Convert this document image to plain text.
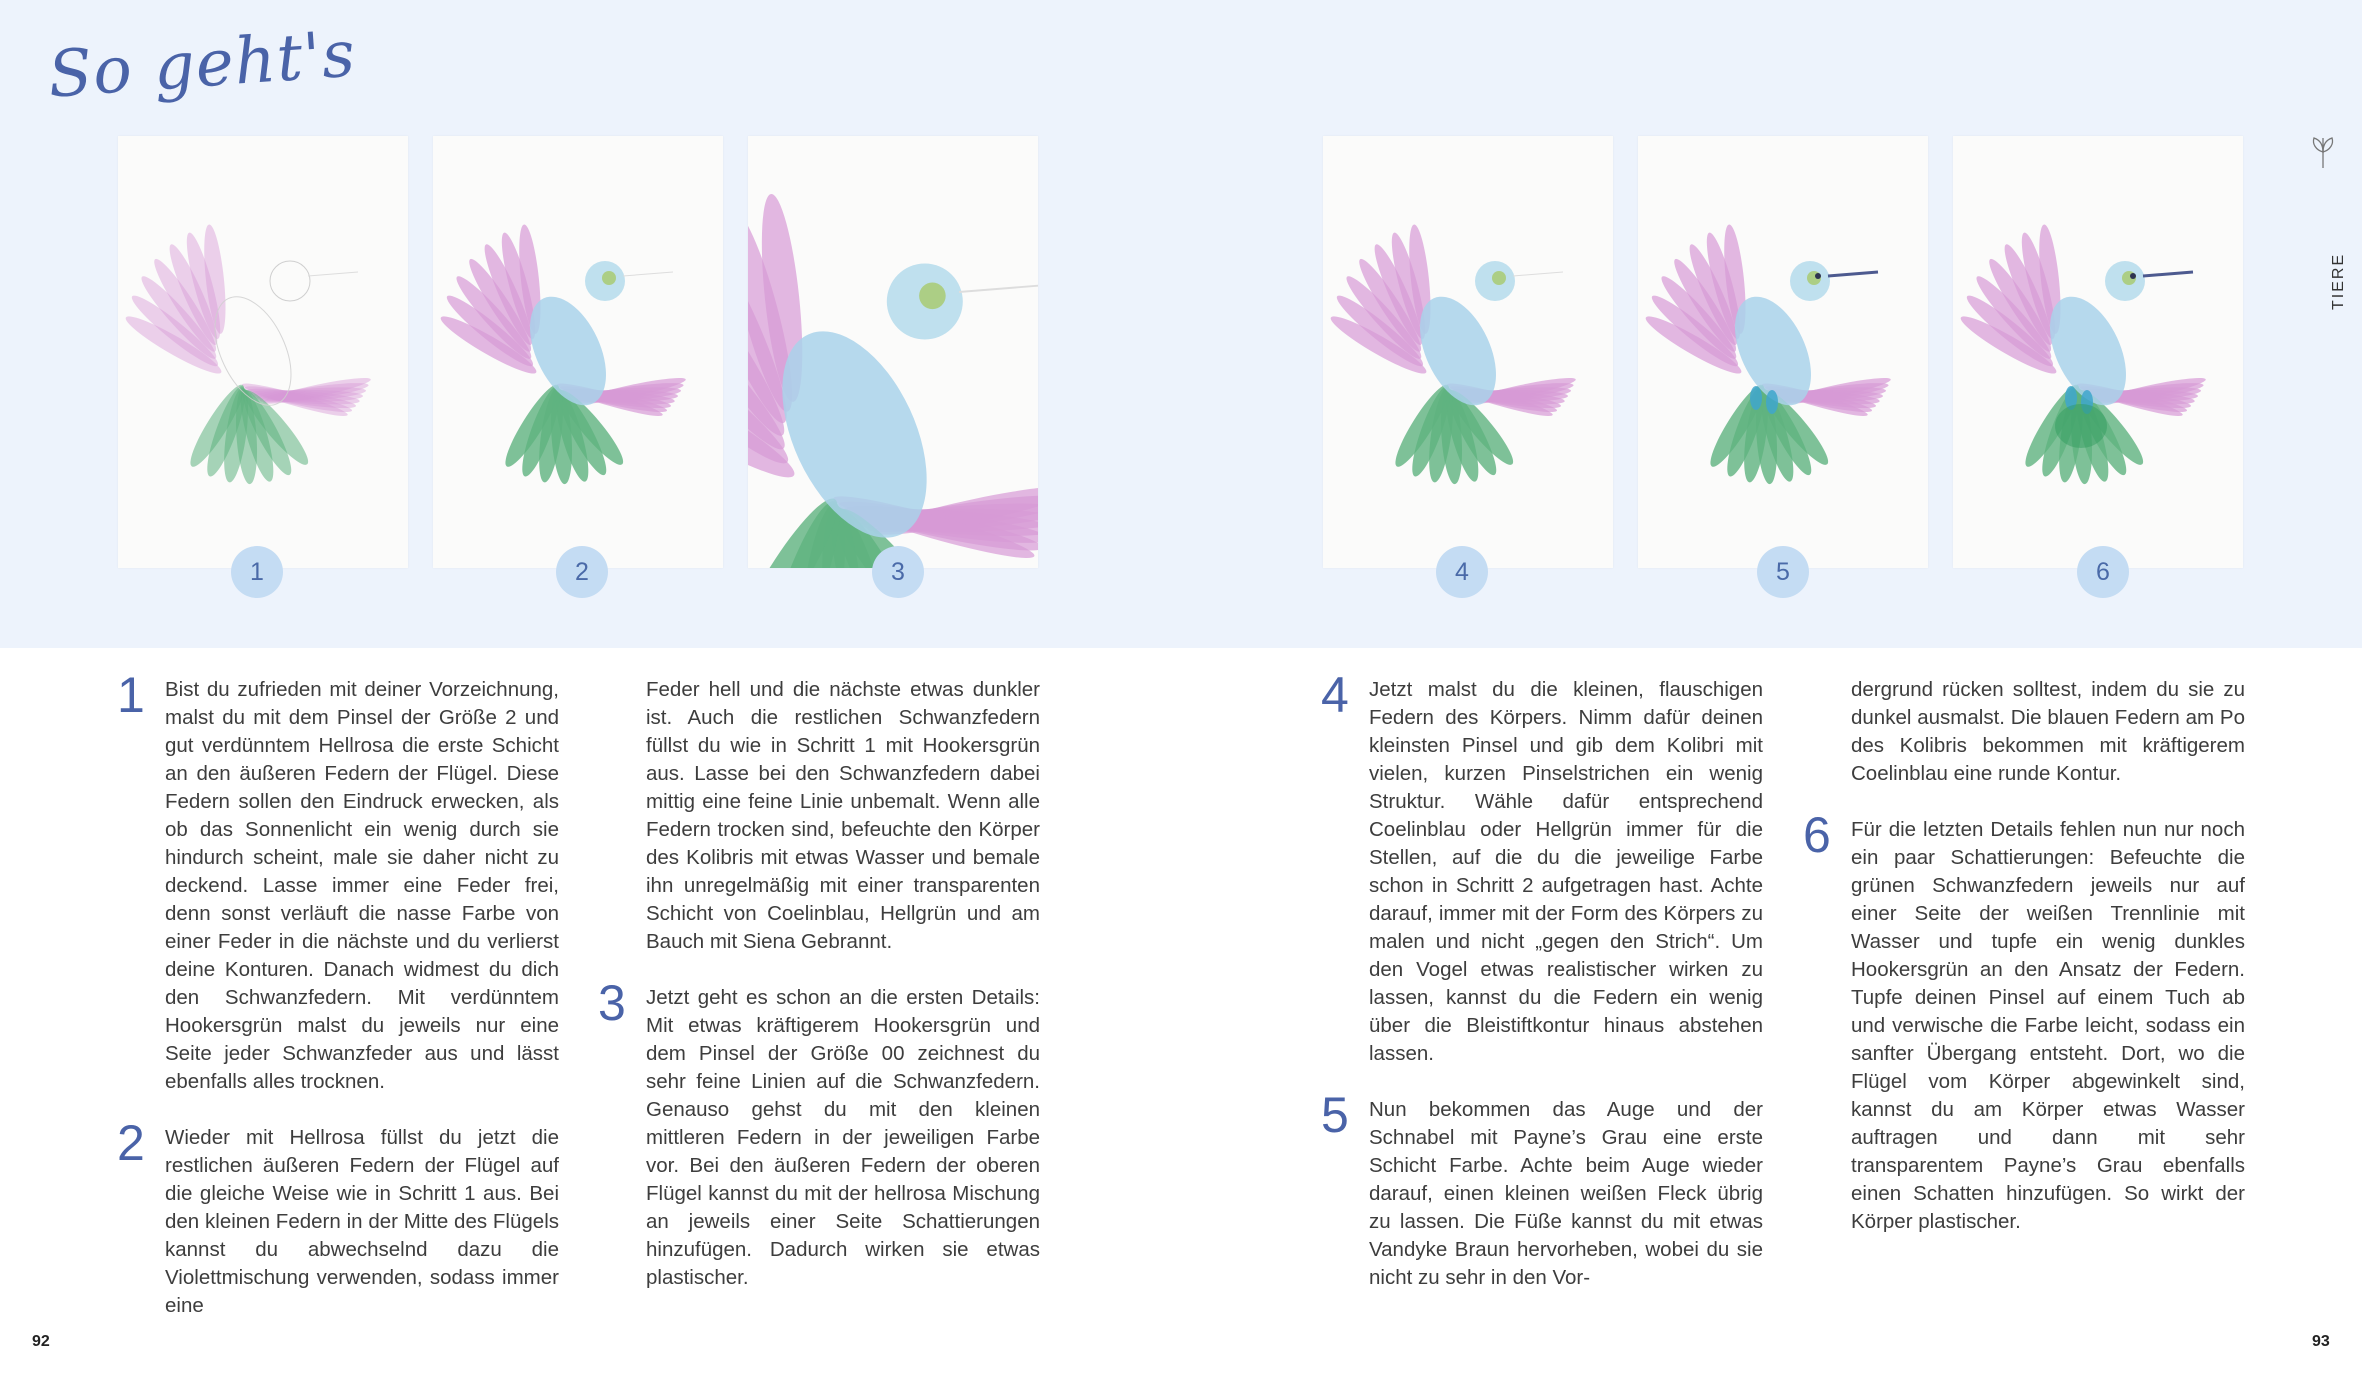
So geht's
1	2	3	4	5	6
TIERE
1 Bist du zufrieden mit deiner Vorzeichnung, malst du mit dem Pinsel der Größe 2 und gut verdünntem Hellrosa die erste Schicht an den äußeren Federn der Flügel. Diese Federn sollen den Eindruck erwecken, als ob das Sonnenlicht ein wenig durch sie hindurch scheint, male sie daher nicht zu deckend. Lasse immer eine Feder frei, denn sonst verläuft die nasse Farbe von einer Feder in die nächste und du verlierst deine Konturen. Danach widmest du dich den Schwanzfedern. Mit verdünntem Hookersgrün malst du jeweils nur eine Seite jeder Schwanzfeder aus und lässt ebenfalls alles trocknen.
2 Wieder mit Hellrosa füllst du jetzt die restlichen äußeren Federn der Flügel auf die gleiche Weise wie in Schritt 1 aus. Bei den kleinen Federn in der Mitte des Flügels kannst du abwechselnd dazu die Violettmischung verwenden, sodass immer eine
Feder hell und die nächste etwas dunkler ist. Auch die restlichen Schwanzfedern füllst du wie in Schritt 1 mit Hookersgrün aus. Lasse bei den Schwanzfedern dabei mittig eine feine Linie unbemalt. Wenn alle Federn trocken sind, befeuchte den Körper des Kolibris mit etwas Wasser und bemale ihn unregelmäßig mit einer transparenten Schicht von Coelinblau, Hellgrün und am Bauch mit Siena Gebrannt.
3 Jetzt geht es schon an die ersten Details: Mit etwas kräftigerem Hookersgrün und dem Pinsel der Größe 00 zeichnest du sehr feine Linien auf die Schwanzfedern. Genauso gehst du mit den kleinen mittleren Federn in der jeweiligen Farbe vor. Bei den äußeren Federn der oberen Flügel kannst du mit der hellrosa Mischung an jeweils einer Seite Schattierungen hinzufügen. Dadurch wirken sie etwas plastischer.
4 Jetzt malst du die kleinen, flauschigen Federn des Körpers. Nimm dafür deinen kleinsten Pinsel und gib dem Kolibri mit vielen, kurzen Pinselstrichen ein wenig Struktur. Wähle dafür entsprechend Coelinblau oder Hellgrün immer für die Stellen, auf die du die jeweilige Farbe schon in Schritt 2 aufgetragen hast. Achte darauf, immer mit der Form des Körpers zu malen und nicht „gegen den Strich“. Um den Vogel etwas realistischer wirken zu lassen, kannst du die Federn ein wenig über die Bleistiftkontur hinaus abstehen lassen.
5 Nun bekommen das Auge und der Schnabel mit Payne’s Grau eine erste Schicht Farbe. Achte beim Auge wieder darauf, einen kleinen weißen Fleck übrig zu lassen. Die Füße kannst du mit etwas Vandyke Braun hervorheben, wobei du sie nicht zu sehr in den Vor-
dergrund rücken solltest, indem du sie zu dunkel ausmalst. Die blauen Federn am Po des Kolibris bekommen mit kräftigerem Coelinblau eine runde Kontur.
6 Für die letzten Details fehlen nun nur noch ein paar Schattierungen: Befeuchte die grünen Schwanzfedern jeweils nur auf einer Seite der weißen Trennlinie mit Wasser und tupfe ein wenig dunkles Hookersgrün an den Ansatz der Federn. Tupfe deinen Pinsel auf einem Tuch ab und verwische die Farbe leicht, sodass ein sanfter Übergang entsteht. Dort, wo die Flügel vom Körper abgewinkelt sind, kannst du am Körper etwas Wasser auftragen und dann mit sehr transparentem Payne’s Grau ebenfalls einen Schatten hinzufügen. So wirkt der Körper plastischer.
92	93
